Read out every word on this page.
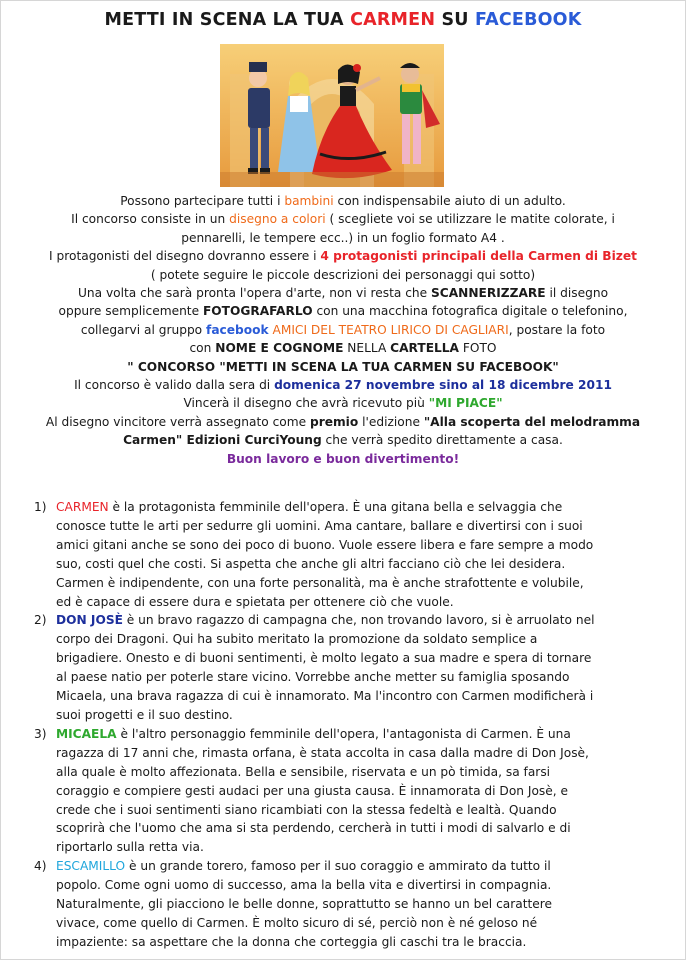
METTI IN SCENA LA TUA CARMEN SU FACEBOOK
Possono partecipare tutti i bambini con indispensabile aiuto di un adulto.
Il concorso consiste in un disegno a colori ( scegliete voi se utilizzare le matite colorate, i
pennarelli, le tempere ecc..) in un foglio formato A4 .
I protagonisti del disegno dovranno essere i 4 protagonisti principali della Carmen di Bizet
( potete seguire le piccole descrizioni dei personaggi qui sotto)
Una volta che sarà pronta l'opera d'arte, non vi resta che SCANNERIZZARE il disegno
oppure semplicemente FOTOGRAFARLO con una macchina fotografica digitale o telefonino,
collegarvi al gruppo facebook AMICI DEL TEATRO LIRICO DI CAGLIARI, postare la foto
con NOME E COGNOME NELLA CARTELLA FOTO
" CONCORSO "METTI IN SCENA LA TUA CARMEN SU FACEBOOK"
Il concorso è valido dalla sera di domenica 27 novembre sino al 18 dicembre 2011
Vincerà il disegno che avrà ricevuto più "MI PIACE"
Al disegno vincitore verrà assegnato come premio l'edizione "Alla scoperta del melodramma
Carmen" Edizioni CurciYoung che verrà spedito direttamente a casa.
Buon lavoro e buon divertimento!
1) CARMEN è la protagonista femminile dell'opera. È una gitana bella e selvaggia che
conosce tutte le arti per sedurre gli uomini. Ama cantare, ballare e divertirsi con i suoi
amici gitani anche se sono dei poco di buono. Vuole essere libera e fare sempre a modo
suo, costi quel che costi. Si aspetta che anche gli altri facciano ciò che lei desidera.
Carmen è indipendente, con una forte personalità, ma è anche strafottente e volubile,
ed è capace di essere dura e spietata per ottenere ciò che vuole.
2) DON JOSÈ è un bravo ragazzo di campagna che, non trovando lavoro, si è arruolato nel
corpo dei Dragoni. Qui ha subito meritato la promozione da soldato semplice a
brigadiere. Onesto e di buoni sentimenti, è molto legato a sua madre e spera di tornare
al paese natio per poterle stare vicino. Vorrebbe anche metter su famiglia sposando
Micaela, una brava ragazza di cui è innamorato. Ma l'incontro con Carmen modificherà i
suoi progetti e il suo destino.
3) MICAELA è l'altro personaggio femminile dell'opera, l'antagonista di Carmen. È una
ragazza di 17 anni che, rimasta orfana, è stata accolta in casa dalla madre di Don Josè,
alla quale è molto affezionata. Bella e sensibile, riservata e un pò timida, sa farsi
coraggio e compiere gesti audaci per una giusta causa. È innamorata di Don Josè, e
crede che i suoi sentimenti siano ricambiati con la stessa fedeltà e lealtà. Quando
scoprirà che l'uomo che ama si sta perdendo, cercherà in tutti i modi di salvarlo e di
riportarlo sulla retta via.
4) ESCAMILLO è un grande torero, famoso per il suo coraggio e ammirato da tutto il
popolo. Come ogni uomo di successo, ama la bella vita e divertirsi in compagnia.
Naturalmente, gli piacciono le belle donne, soprattutto se hanno un bel carattere
vivace, come quello di Carmen. È molto sicuro di sé, perciò non è né geloso né
impaziente: sa aspettare che la donna che corteggia gli caschi tra le braccia.
